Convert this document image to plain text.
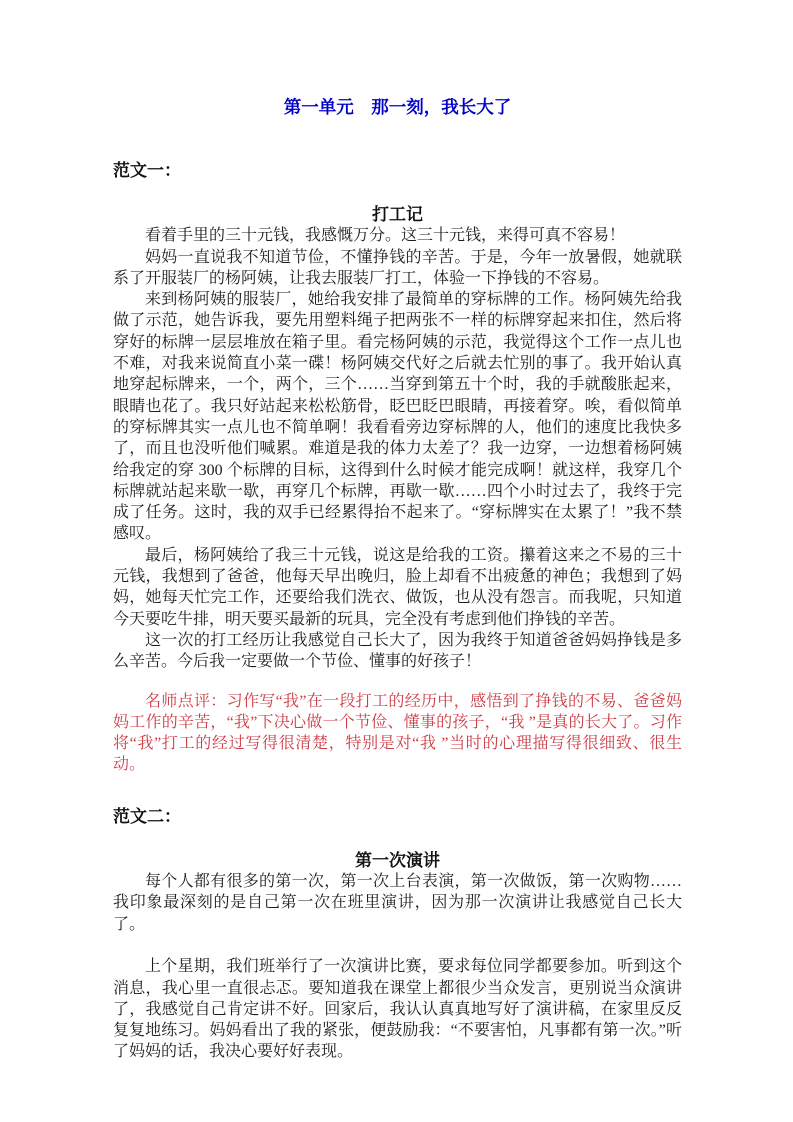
第一单元　那一刻，我长大了
范文一：
打工记

看着手里的三十元钱，我感慨万分。这三十元钱，来得可真不容易！

妈妈一直说我不知道节俭，不懂挣钱的辛苦。于是，今年一放暑假，她就联系了开服装厂的杨阿姨，让我去服装厂打工，体验一下挣钱的不容易。

来到杨阿姨的服装厂，她给我安排了最简单的穿标牌的工作。杨阿姨先给我做了示范，她告诉我，要先用塑料绳子把两张不一样的标牌穿起来扣住，然后将穿好的标牌一层层堆放在箱子里。看完杨阿姨的示范，我觉得这个工作一点儿也不难，对我来说简直小菜一碟！杨阿姨交代好之后就去忙别的事了。我开始认真地穿起标牌来，一个，两个，三个……当穿到第五十个时，我的手就酸胀起来，眼睛也花了。我只好站起来松松筋骨，眨巴眨巴眼睛，再接着穿。唉，看似简单的穿标牌其实一点儿也不简单啊！我看看旁边穿标牌的人，他们的速度比我快多了，而且也没听他们喊累。难道是我的体力太差了？我一边穿，一边想着杨阿姨给我定的穿 300 个标牌的目标，这得到什么时候才能完成啊！就这样，我穿几个标牌就站起来歇一歇，再穿几个标牌，再歇一歇……四个小时过去了，我终于完成了任务。这时，我的双手已经累得抬不起来了。“穿标牌实在太累了！”我不禁感叹。

最后，杨阿姨给了我三十元钱，说这是给我的工资。攥着这来之不易的三十元钱，我想到了爸爸，他每天早出晚归，脸上却看不出疲惫的神色；我想到了妈妈，她每天忙完工作，还要给我们洗衣、做饭，也从没有怨言。而我呢，只知道今天要吃牛排，明天要买最新的玩具，完全没有考虑到他们挣钱的辛苦。

这一次的打工经历让我感觉自己长大了，因为我终于知道爸爸妈妈挣钱是多么辛苦。今后我一定要做一个节俭、懂事的好孩子！

名师点评：习作写“我”在一段打工的经历中，感悟到了挣钱的不易、爸爸妈妈工作的辛苦，“我”下决心做一个节俭、懂事的孩子，“我 ”是真的长大了。习作将“我”打工的经过写得很清楚，特别是对“我 ”当时的心理描写得很细致、很生动。

范文二：
第一次演讲

每个人都有很多的第一次，第一次上台表演，第一次做饭，第一次购物……我印象最深刻的是自己第一次在班里演讲，因为那一次演讲让我感觉自己长大了。

上个星期，我们班举行了一次演讲比赛，要求每位同学都要参加。听到这个消息，我心里一直很忐忑。要知道我在课堂上都很少当众发言，更别说当众演讲了，我感觉自己肯定讲不好。回家后，我认认真真地写好了演讲稿，在家里反反复复地练习。妈妈看出了我的紧张，便鼓励我：“不要害怕，凡事都有第一次。”听了妈妈的话，我决心要好好表现。
